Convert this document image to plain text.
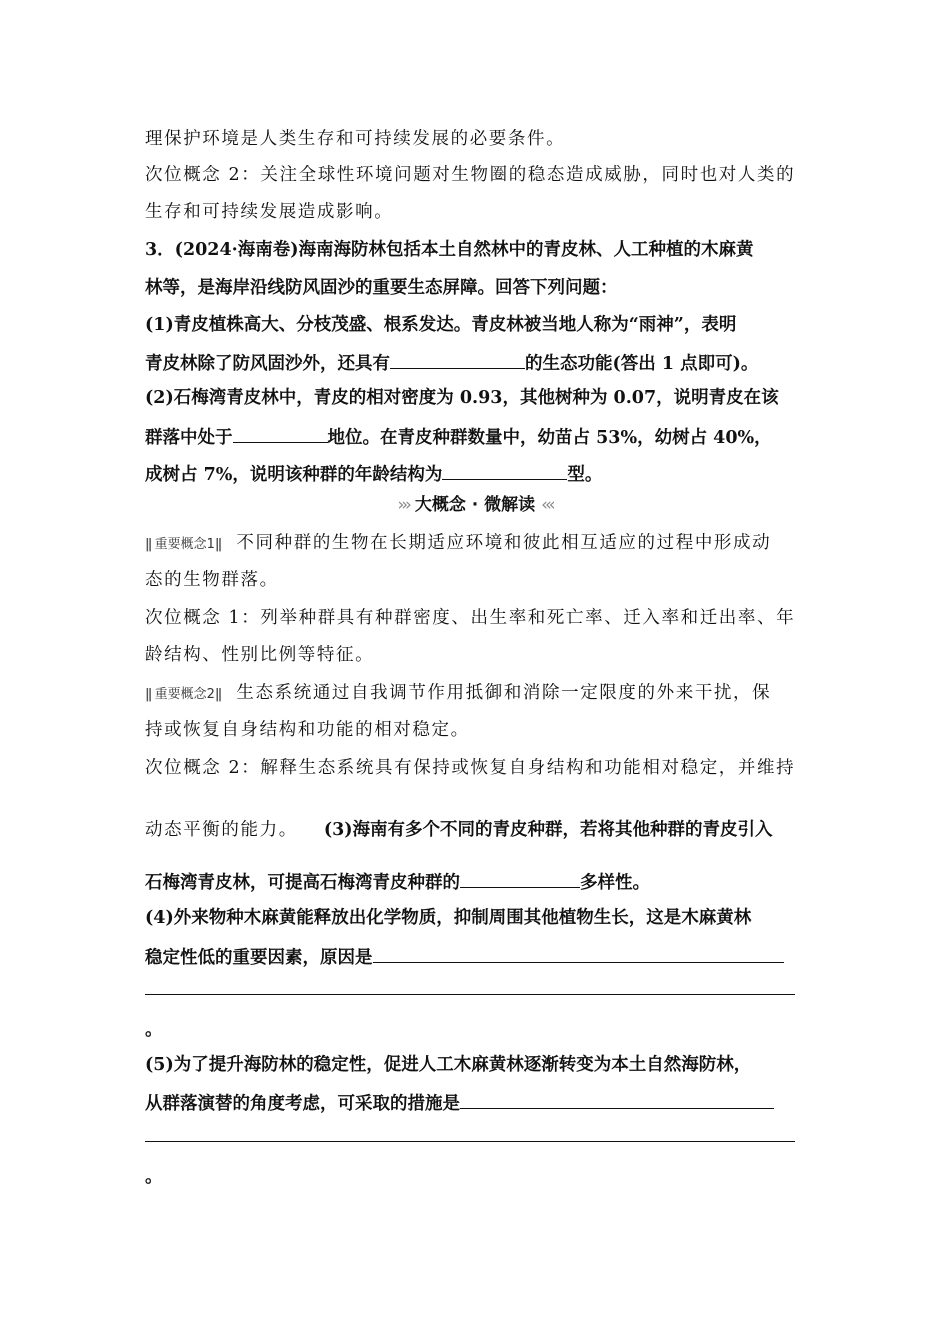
理保护环境是人类生存和可持续发展的必要条件。
次位概念 2：关注全球性环境问题对生物圈的稳态造成威胁，同时也对人类的
生存和可持续发展造成影响。
3．(2024·海南卷)海南海防林包括本土自然林中的青皮林、人工种植的木麻黄
林等，是海岸沿线防风固沙的重要生态屏障。回答下列问题：
(1)青皮植株高大、分枝茂盛、根系发达。青皮林被当地人称为“雨神”，表明
青皮林除了防风固沙外，还具有	的生态功能(答出 1 点即可)。
(2)石梅湾青皮林中，青皮的相对密度为 0.93，其他树种为 0.07，说明青皮在该
群落中处于	地位。在青皮种群数量中，幼苗占 53%，幼树占 40%，
成树占 7%，说明该种群的年龄结构为	型。
››› 大概念 · 微解读 ‹‹‹
|| 重要概念1|| 不同种群的生物在长期适应环境和彼此相互适应的过程中形成动
态的生物群落。
次位概念 1：列举种群具有种群密度、出生率和死亡率、迁入率和迁出率、年
龄结构、性别比例等特征。
|| 重要概念2|| 生态系统通过自我调节作用抵御和消除一定限度的外来干扰，保
持或恢复自身结构和功能的相对稳定。
次位概念 2：解释生态系统具有保持或恢复自身结构和功能相对稳定，并维持
动态平衡的能力。 (3)海南有多个不同的青皮种群，若将其他种群的青皮引入
石梅湾青皮林，可提高石梅湾青皮种群的	多样性。
(4)外来物种木麻黄能释放出化学物质，抑制周围其他植物生长，这是木麻黄林
稳定性低的重要因素，原因是
。
(5)为了提升海防林的稳定性，促进人工木麻黄林逐渐转变为本土自然海防林，
从群落演替的角度考虑，可采取的措施是
。
